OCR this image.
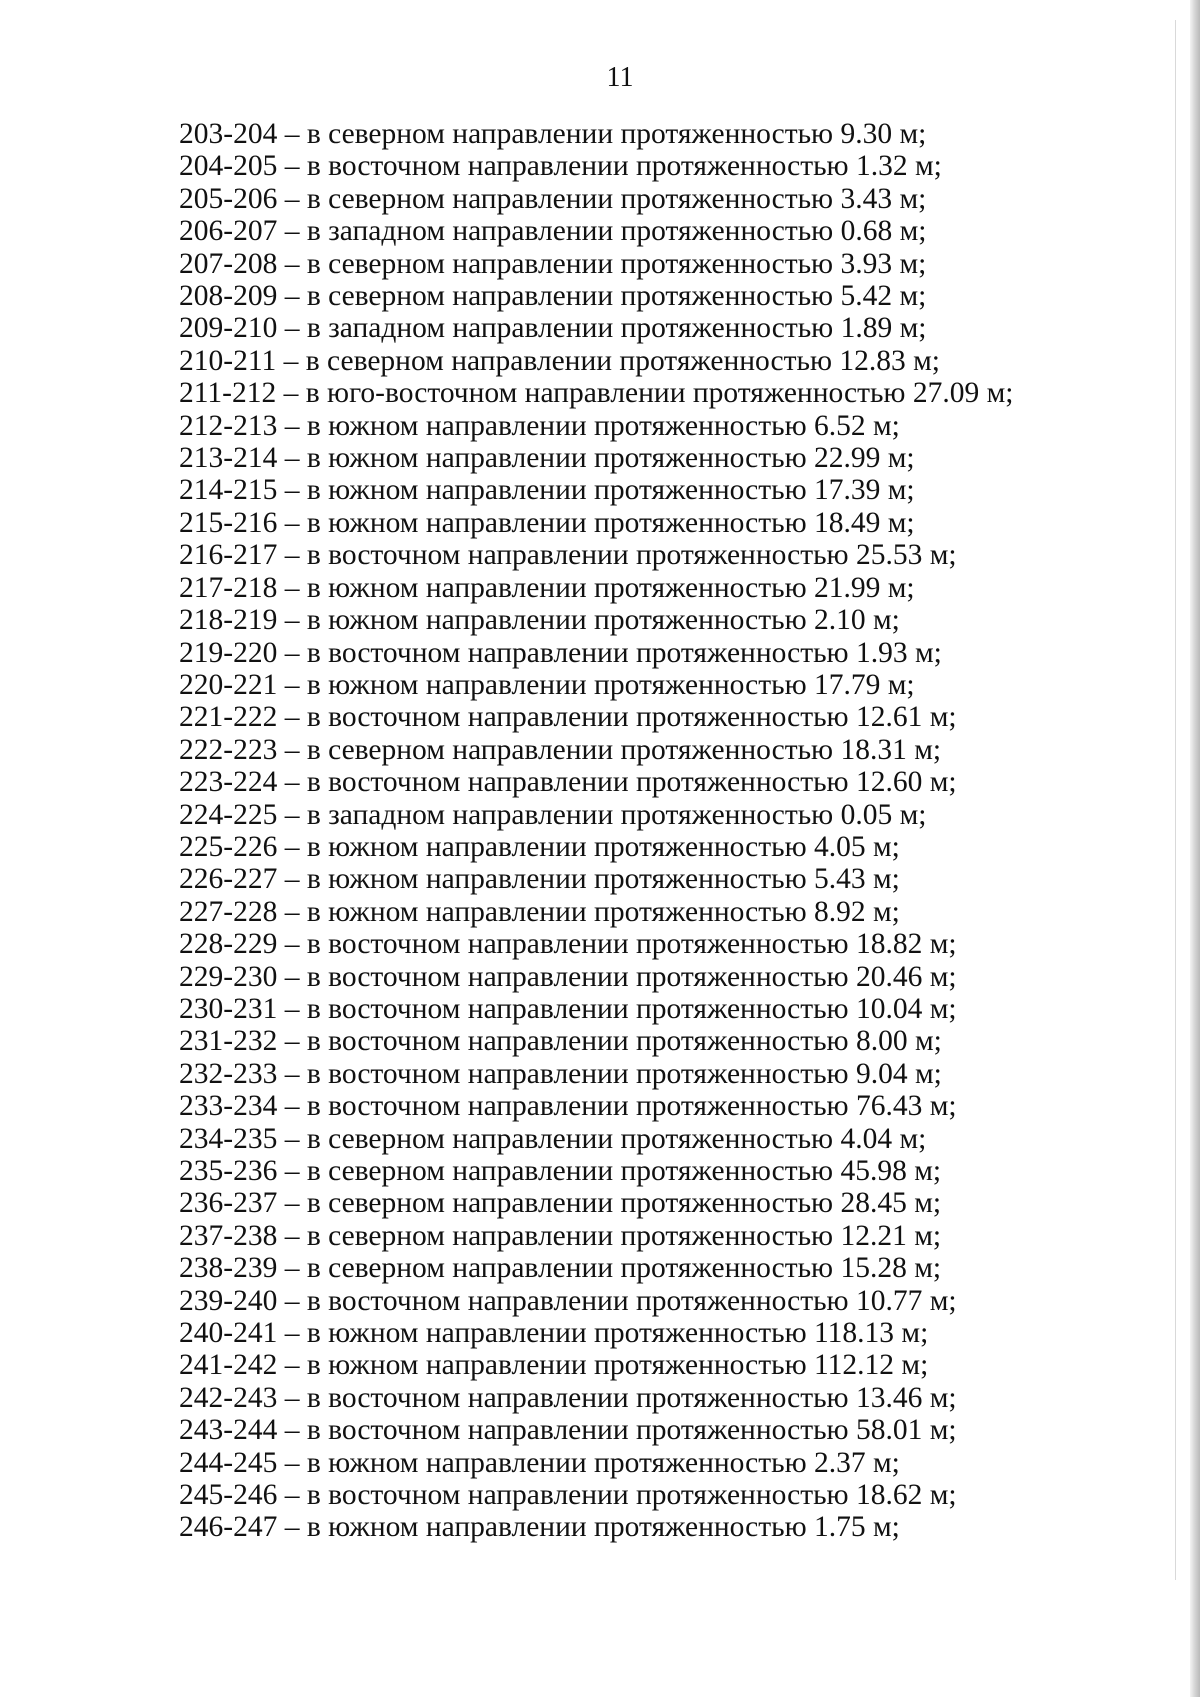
11
203-204 – в северном направлении протяженностью 9.30 м;
204-205 – в восточном направлении протяженностью 1.32 м;
205-206 – в северном направлении протяженностью 3.43 м;
206-207 – в западном направлении протяженностью 0.68 м;
207-208 – в северном направлении протяженностью 3.93 м;
208-209 – в северном направлении протяженностью 5.42 м;
209-210 – в западном направлении протяженностью 1.89 м;
210-211 – в северном направлении протяженностью 12.83 м;
211-212 – в юго-восточном направлении протяженностью 27.09 м;
212-213 – в южном направлении протяженностью 6.52 м;
213-214 – в южном направлении протяженностью 22.99 м;
214-215 – в южном направлении протяженностью 17.39 м;
215-216 – в южном направлении протяженностью 18.49 м;
216-217 – в восточном направлении протяженностью 25.53 м;
217-218 – в южном направлении протяженностью 21.99 м;
218-219 – в южном направлении протяженностью 2.10 м;
219-220 – в восточном направлении протяженностью 1.93 м;
220-221 – в южном направлении протяженностью 17.79 м;
221-222 – в восточном направлении протяженностью 12.61 м;
222-223 – в северном направлении протяженностью 18.31 м;
223-224 – в восточном направлении протяженностью 12.60 м;
224-225 – в западном направлении протяженностью 0.05 м;
225-226 – в южном направлении протяженностью 4.05 м;
226-227 – в южном направлении протяженностью 5.43 м;
227-228 – в южном направлении протяженностью 8.92 м;
228-229 – в восточном направлении протяженностью 18.82 м;
229-230 – в восточном направлении протяженностью 20.46 м;
230-231 – в восточном направлении протяженностью 10.04 м;
231-232 – в восточном направлении протяженностью 8.00 м;
232-233 – в восточном направлении протяженностью 9.04 м;
233-234 – в восточном направлении протяженностью 76.43 м;
234-235 – в северном направлении протяженностью 4.04 м;
235-236 – в северном направлении протяженностью 45.98 м;
236-237 – в северном направлении протяженностью 28.45 м;
237-238 – в северном направлении протяженностью 12.21 м;
238-239 – в северном направлении протяженностью 15.28 м;
239-240 – в восточном направлении протяженностью 10.77 м;
240-241 – в южном направлении протяженностью 118.13 м;
241-242 – в южном направлении протяженностью 112.12 м;
242-243 – в восточном направлении протяженностью 13.46 м;
243-244 – в восточном направлении протяженностью 58.01 м;
244-245 – в южном направлении протяженностью 2.37 м;
245-246 – в восточном направлении протяженностью 18.62 м;
246-247 – в южном направлении протяженностью 1.75 м;
